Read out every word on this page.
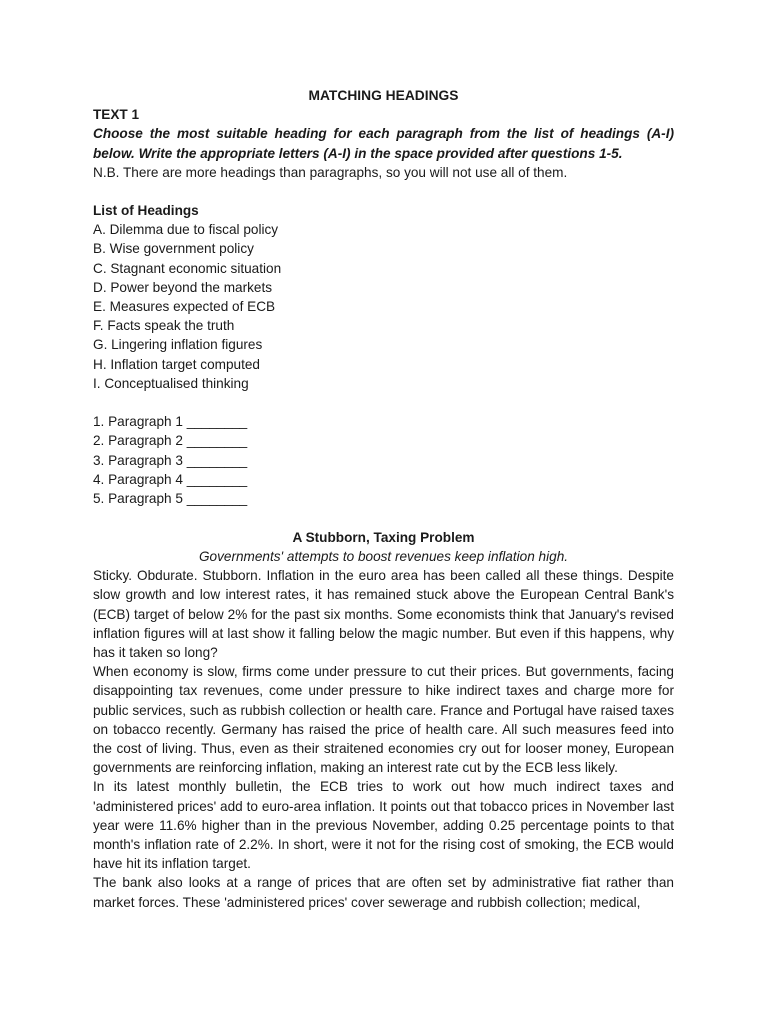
MATCHING HEADINGS
TEXT 1

Choose the most suitable heading for each paragraph from the list of headings (A-I) below. Write the appropriate letters (A-I) in the space provided after questions 1-5.

N.B. There are more headings than paragraphs, so you will not use all of them.

List of Headings
A. Dilemma due to fiscal policy
B. Wise government policy
C. Stagnant economic situation
D. Power beyond the markets
E. Measures expected of ECB
F. Facts speak the truth
G. Lingering inflation figures
H. Inflation target computed
I. Conceptualised thinking
1. Paragraph 1 ________
2. Paragraph 2 ________
3. Paragraph 3 ________
4. Paragraph 4 ________
5. Paragraph 5 ________
A Stubborn, Taxing Problem
Governments' attempts to boost revenues keep inflation high.

Sticky. Obdurate. Stubborn. Inflation in the euro area has been called all these things. Despite slow growth and low interest rates, it has remained stuck above the European Central Bank's (ECB) target of below 2% for the past six months. Some economists think that January's revised inflation figures will at last show it falling below the magic number. But even if this happens, why has it taken so long?

When economy is slow, firms come under pressure to cut their prices. But governments, facing disappointing tax revenues, come under pressure to hike indirect taxes and charge more for public services, such as rubbish collection or health care. France and Portugal have raised taxes on tobacco recently. Germany has raised the price of health care. All such measures feed into the cost of living. Thus, even as their straitened economies cry out for looser money, European governments are reinforcing inflation, making an interest rate cut by the ECB less likely.

In its latest monthly bulletin, the ECB tries to work out how much indirect taxes and 'administered prices' add to euro-area inflation. It points out that tobacco prices in November last year were 11.6% higher than in the previous November, adding 0.25 percentage points to that month's inflation rate of 2.2%. In short, were it not for the rising cost of smoking, the ECB would have hit its inflation target.

The bank also looks at a range of prices that are often set by administrative fiat rather than market forces. These 'administered prices' cover sewerage and rubbish collection; medical,
